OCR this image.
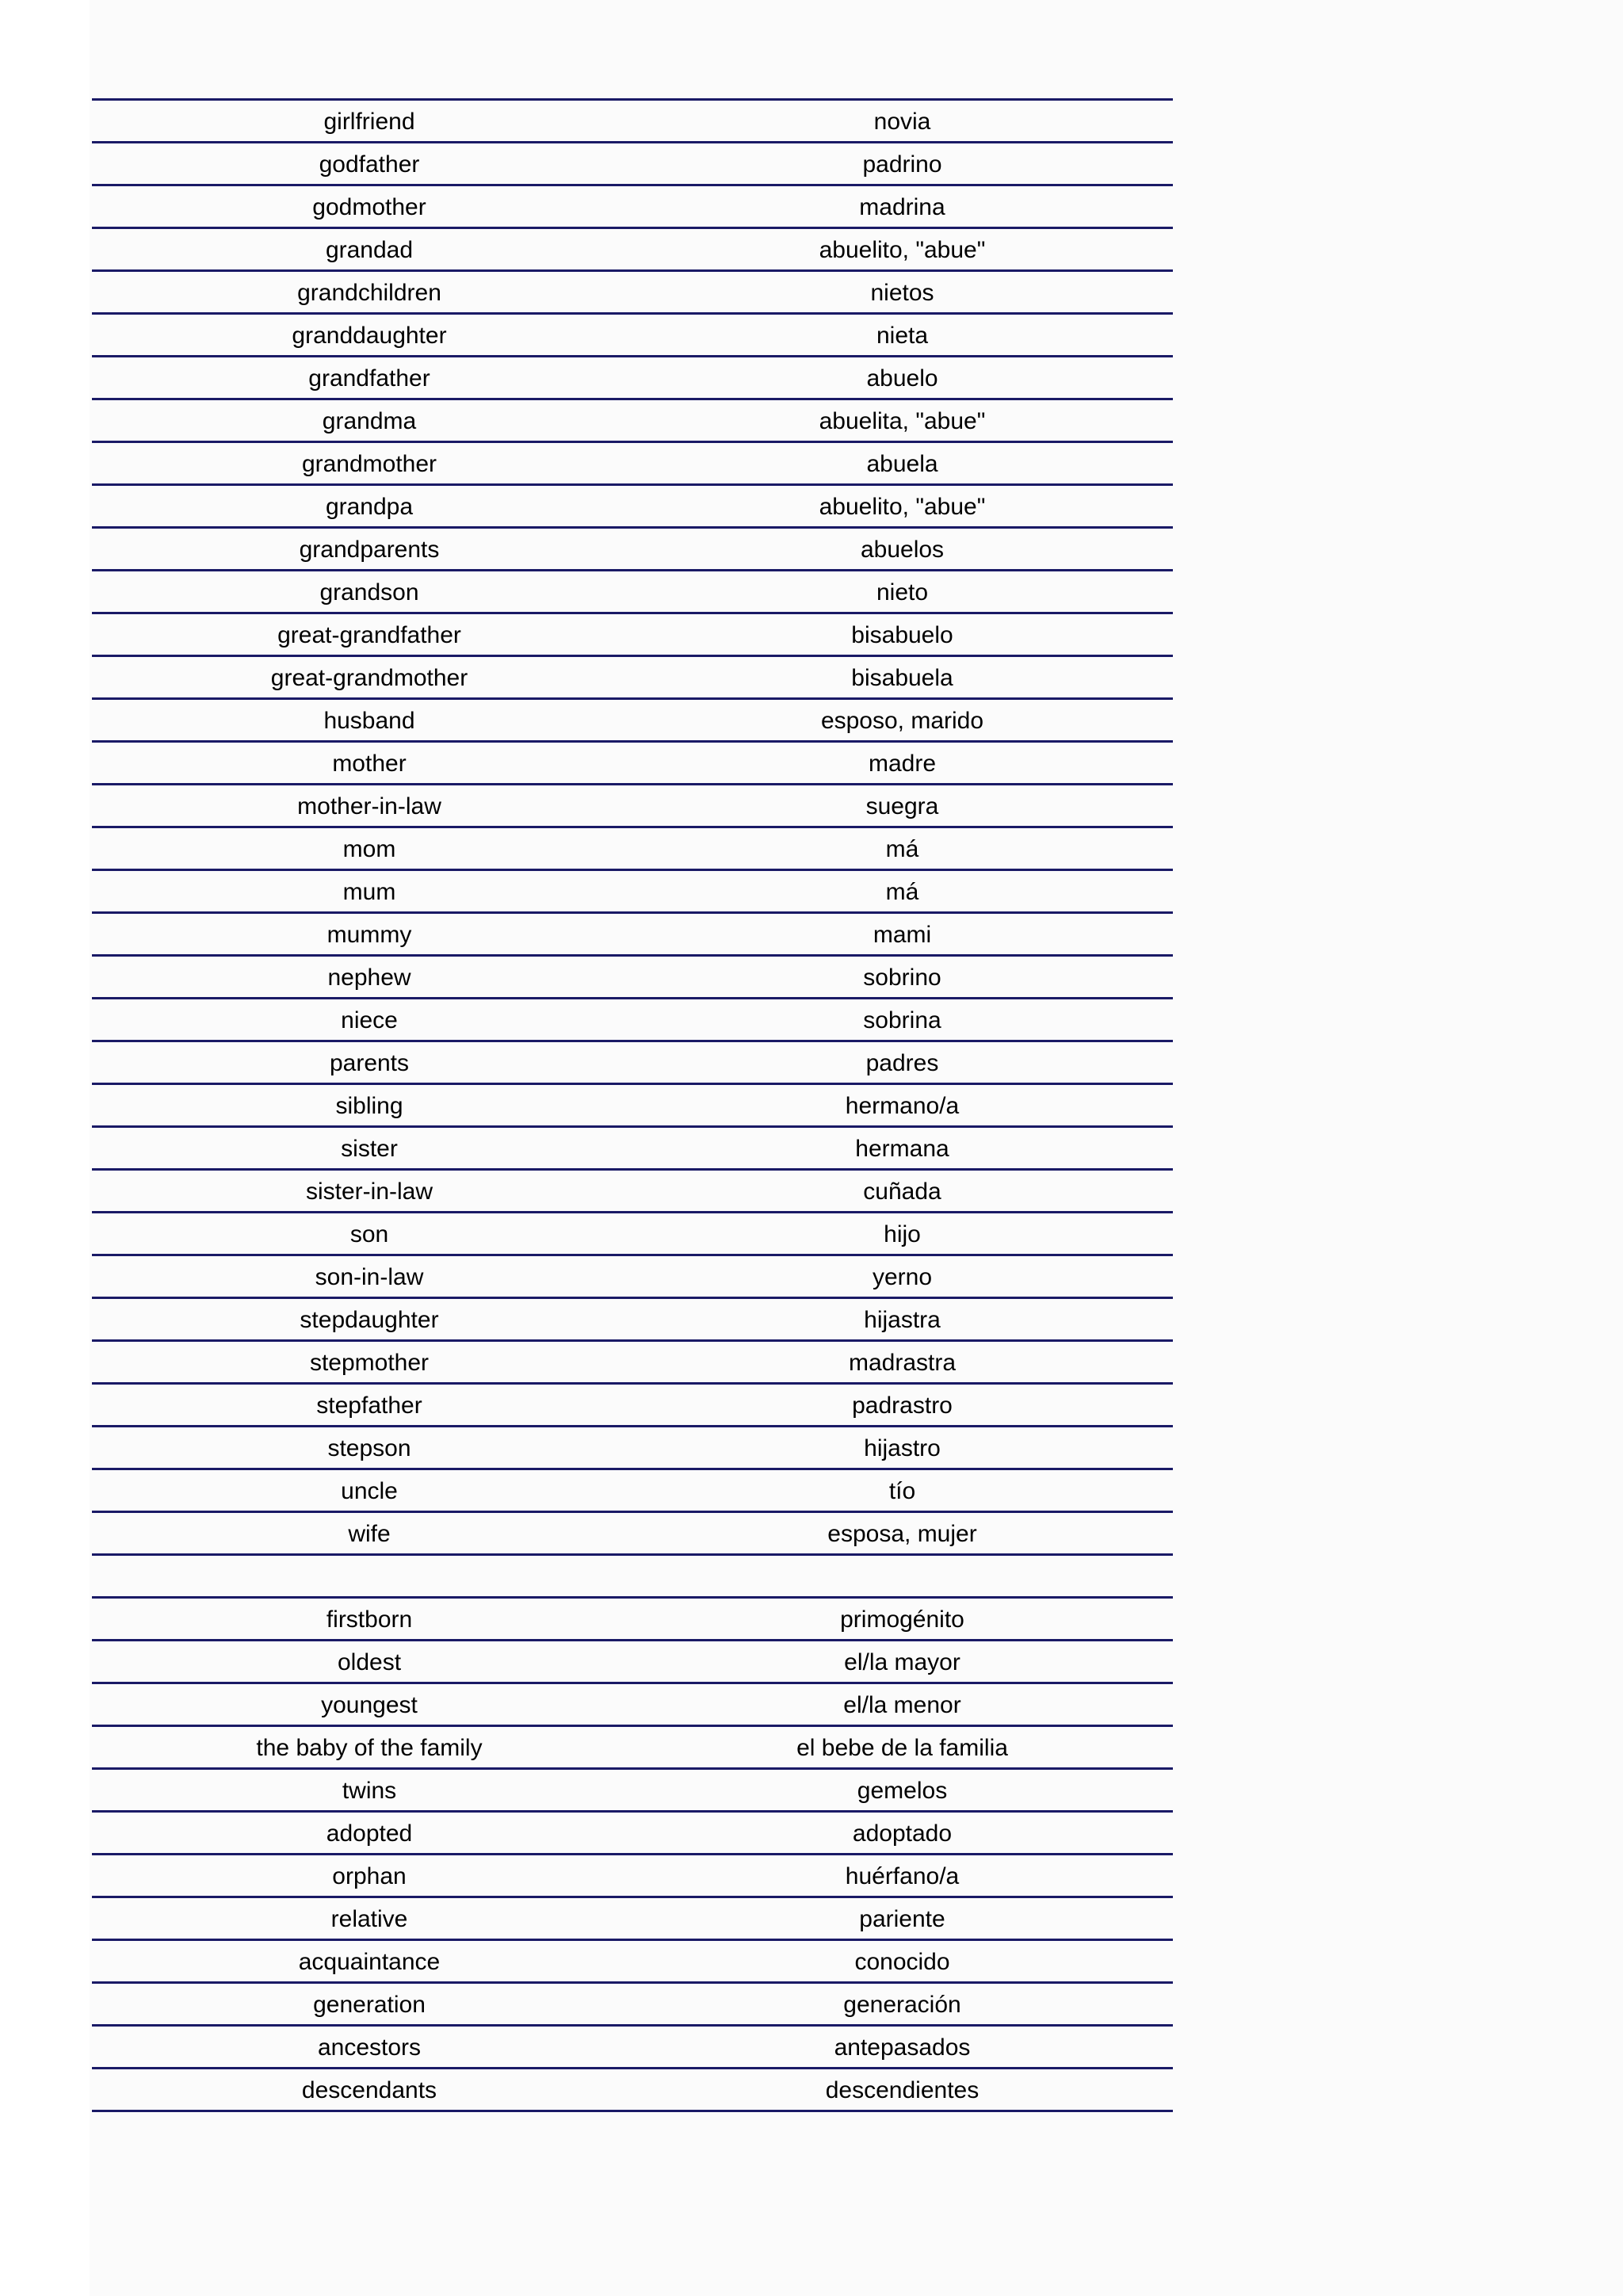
girlfriend	novia
godfather	padrino
godmother	madrina
grandad	abuelito, "abue"
grandchildren	nietos
granddaughter	nieta
grandfather	abuelo
grandma	abuelita, "abue"
grandmother	abuela
grandpa	abuelito, "abue"
grandparents	abuelos
grandson	nieto
great-grandfather	bisabuelo
great-grandmother	bisabuela
husband	esposo, marido
mother	madre
mother-in-law	suegra
mom	má
mum	má
mummy	mami
nephew	sobrino
niece	sobrina
parents	padres
sibling	hermano/a
sister	hermana
sister-in-law	cuñada
son	hijo
son-in-law	yerno
stepdaughter	hijastra
stepmother	madrastra
stepfather	padrastro
stepson	hijastro
uncle	tío
wife	esposa, mujer
firstborn	primogénito
oldest	el/la mayor
youngest	el/la menor
the baby of the family	el bebe de la familia
twins	gemelos
adopted	adoptado
orphan	huérfano/a
relative	pariente
acquaintance	conocido
generation	generación
ancestors	antepasados
descendants	descendientes
